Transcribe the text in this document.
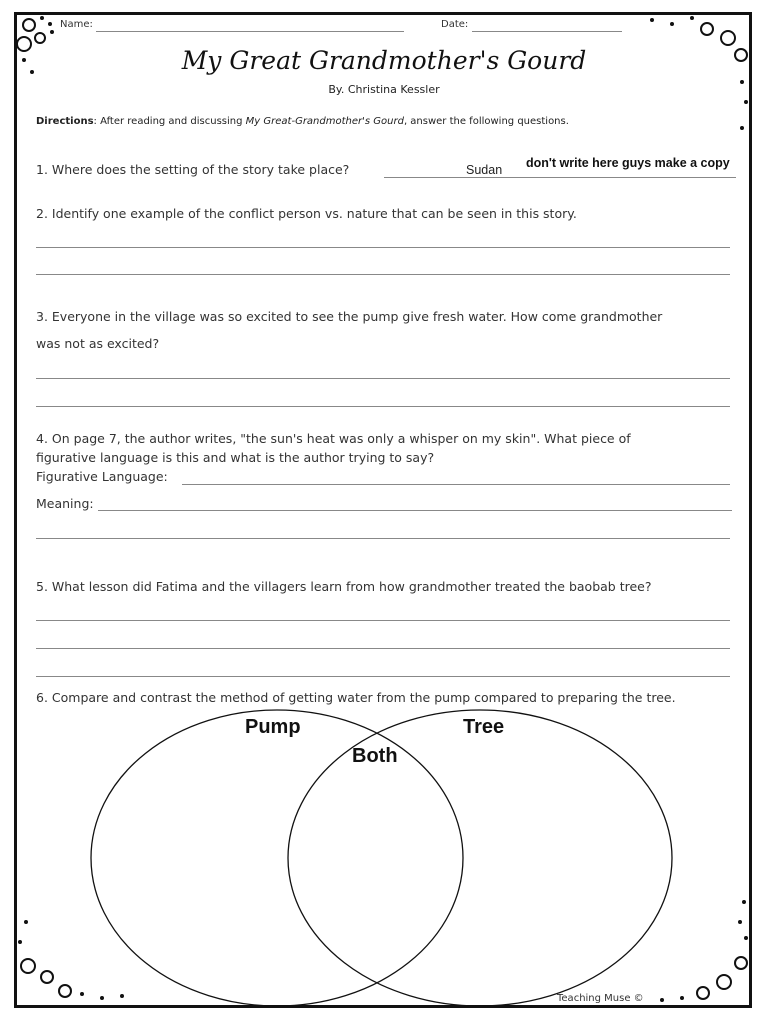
Name:	Date:
My Great Grandmother's Gourd
By. Christina Kessler
Directions: After reading and discussing My Great-Grandmother's Gourd, answer the following questions.
1. Where does the setting of the story take place?	Sudan don't write here guys make a copy
2. Identify one example of the conflict person vs. nature that can be seen in this story.
3. Everyone in the village was so excited to see the pump give fresh water. How come grandmother
was not as excited?
4. On page 7, the author writes, "the sun's heat was only a whisper on my skin". What piece of
figurative language is this and what is the author trying to say?
Figurative Language:
Meaning:
5. What lesson did Fatima and the villagers learn from how grandmother treated the baobab tree?
6. Compare and contrast the method of getting water from the pump compared to preparing the tree.
Pump	Tree
Both
Teaching Muse ©
